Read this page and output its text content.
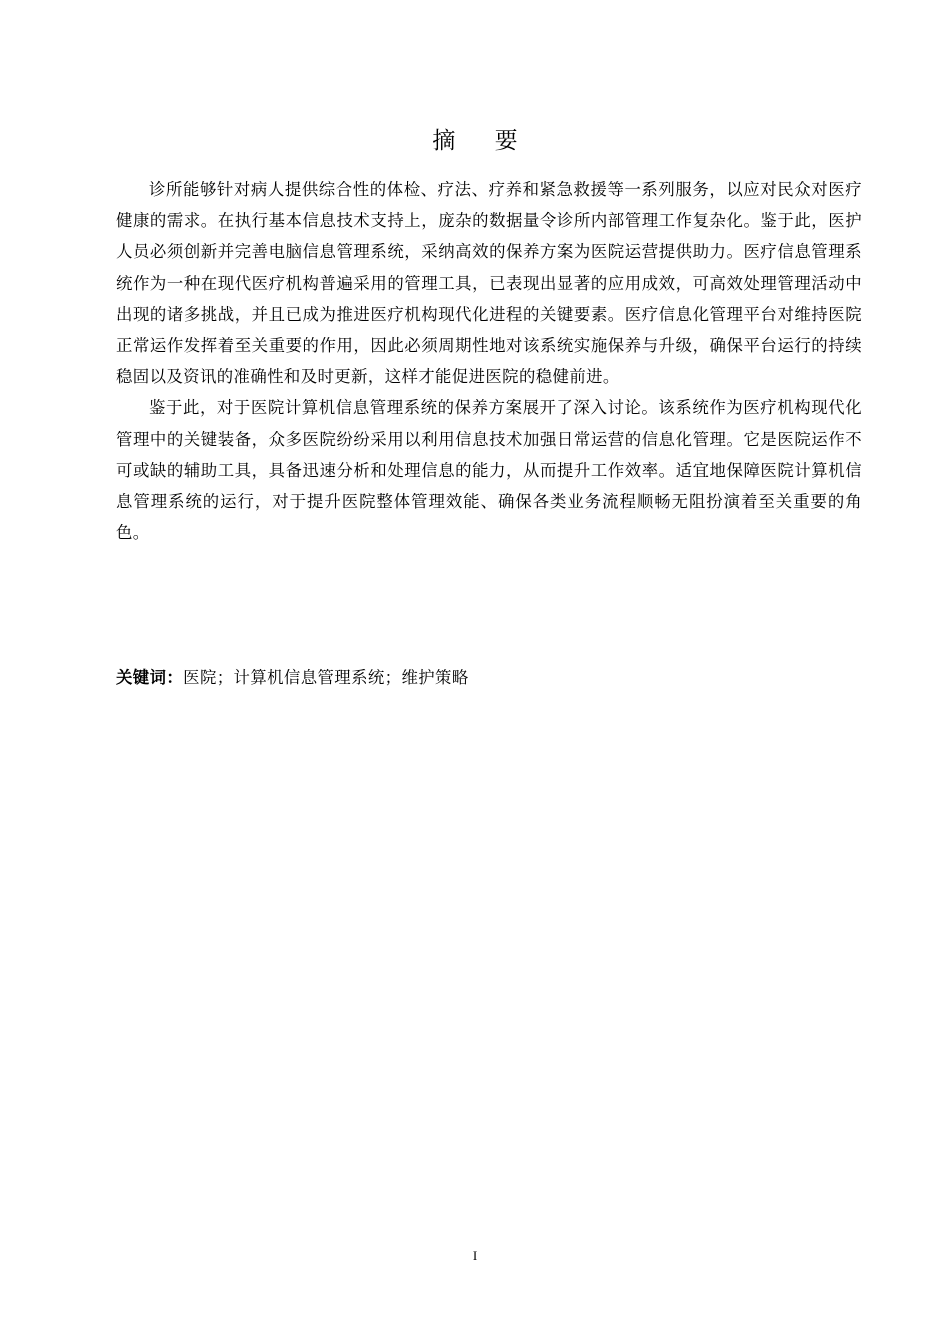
摘 要

诊所能够针对病人提供综合性的体检、疗法、疗养和紧急救援等一系列服务，以应对民众对医疗健康的需求。在执行基本信息技术支持上，庞杂的数据量令诊所内部管理工作复杂化。鉴于此，医护人员必须创新并完善电脑信息管理系统，采纳高效的保养方案为医院运营提供助力。医疗信息管理系统作为一种在现代医疗机构普遍采用的管理工具，已表现出显著的应用成效，可高效处理管理活动中出现的诸多挑战，并且已成为推进医疗机构现代化进程的关键要素。医疗信息化管理平台对维持医院正常运作发挥着至关重要的作用，因此必须周期性地对该系统实施保养与升级，确保平台运行的持续稳固以及资讯的准确性和及时更新，这样才能促进医院的稳健前进。

鉴于此，对于医院计算机信息管理系统的保养方案展开了深入讨论。该系统作为医疗机构现代化管理中的关键装备，众多医院纷纷采用以利用信息技术加强日常运营的信息化管理。它是医院运作不可或缺的辅助工具，具备迅速分析和处理信息的能力，从而提升工作效率。适宜地保障医院计算机信息管理系统的运行，对于提升医院整体管理效能、确保各类业务流程顺畅无阻扮演着至关重要的角色。

关键词：医院；计算机信息管理系统；维护策略
I
